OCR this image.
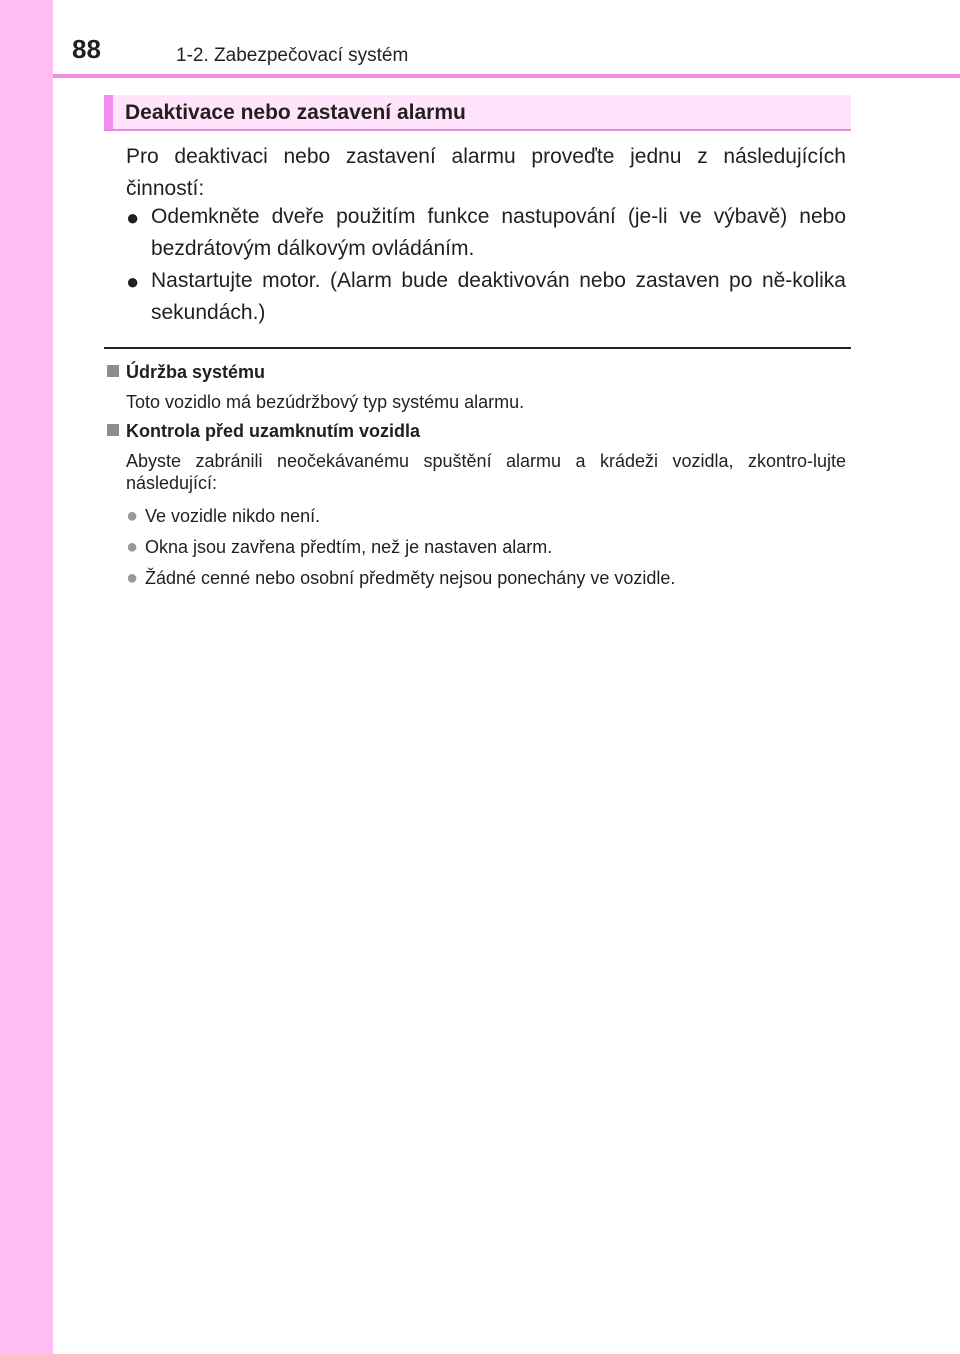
88	1-2. Zabezpečovací systém
Deaktivace nebo zastavení alarmu

Pro deaktivaci nebo zastavení alarmu proveďte jednu z následujících činností:

● Odemkněte dveře použitím funkce nastupování (je-li ve výbavě) nebo bezdrátovým dálkovým ovládáním.

● Nastartujte motor. (Alarm bude deaktivován nebo zastaven po ně-kolika sekundách.)

Údržba systému

Toto vozidlo má bezúdržbový typ systému alarmu.

Kontrola před uzamknutím vozidla

Abyste zabránili neočekávanému spuštění alarmu a krádeži vozidla, zkontro-lujte následující:

● Ve vozidle nikdo není.
● Okna jsou zavřena předtím, než je nastaven alarm.
● Žádné cenné nebo osobní předměty nejsou ponechány ve vozidle.
